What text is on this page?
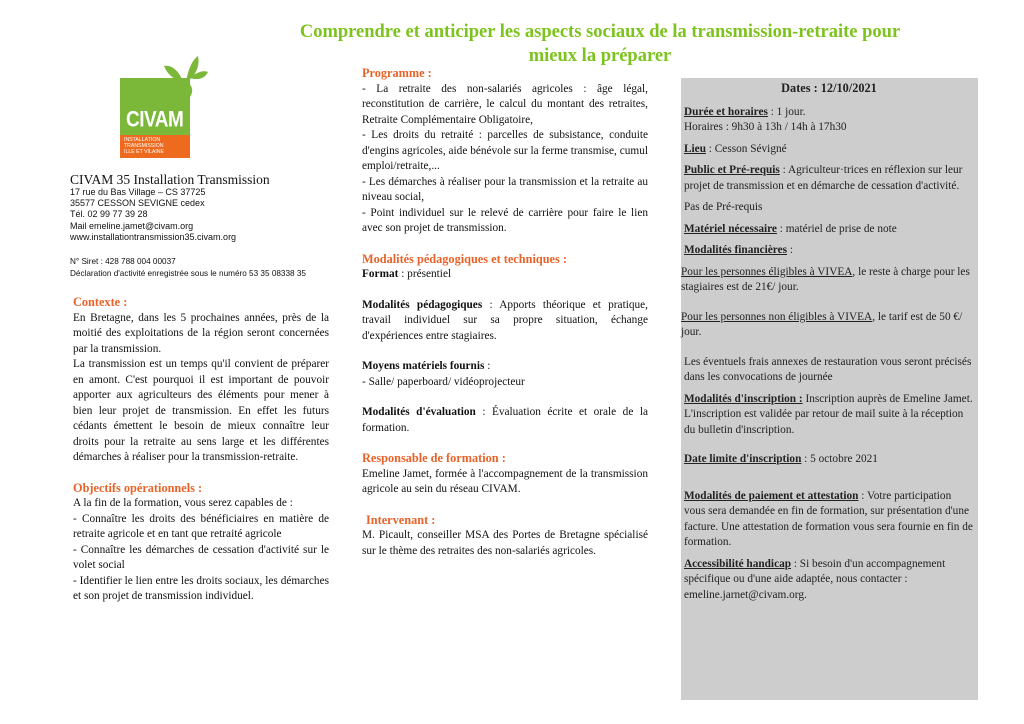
Comprendre et anticiper les aspects sociaux de la transmission-retraite pour
mieux la préparer
CIVAM
INSTALLATION
TRANSMISSION
ILLE ET VILAINE
CIVAM 35 Installation Transmission
17 rue du Bas Village – CS 37725
35577 CESSON SEVIGNE cedex
Tél. 02 99 77 39 28
Mail emeline.jamet@civam.org
www.installationtransmission35.civam.org
N° Siret : 428 788 004 00037
Déclaration d'activité enregistrée sous le numéro 53 35 08338 35
Contexte :

En Bretagne, dans les 5 prochaines années, près de la moitié des exploitations de la région seront concernées par la transmission.

La transmission est un temps qu'il convient de préparer en amont. C'est pourquoi il est important de pouvoir apporter aux agriculteurs des éléments pour mener à bien leur projet de transmission. En effet les futurs cédants émettent le besoin de mieux connaître leur droits pour la retraite au sens large et les différentes démarches à réaliser pour la transmission-retraite.

Objectifs opérationnels :

A la fin de la formation, vous serez capables de :

- Connaître les droits des bénéficiaires en matière de retraite agricole et en tant que retraité agricole

- Connaître les démarches de cessation d'activité sur le volet social

- Identifier le lien entre les droits sociaux, les démarches et son projet de transmission individuel.

Programme :

- La retraite des non-salariés agricoles : âge légal, reconstitution de carrière, le calcul du montant des retraites, Retraite Complémentaire Obligatoire,

- Les droits du retraité : parcelles de subsistance, conduite d'engins agricoles, aide bénévole sur la ferme transmise, cumul emploi/retraite,...

- Les démarches à réaliser pour la transmission et la retraite au niveau social,

- Point individuel sur le relevé de carrière pour faire le lien avec son projet de transmission.

Modalités pédagogiques et techniques :

Format : présentiel

Modalités pédagogiques : Apports théorique et pratique, travail individuel sur sa propre situation, échange d'expériences entre stagiaires.

Moyens matériels fournis :

- Salle/ paperboard/ vidéoprojecteur

Modalités d'évaluation : Évaluation écrite et orale de la formation.

Responsable de formation :

Emeline Jamet, formée à l'accompagnement de la transmission agricole au sein du réseau CIVAM.

Intervenant :

M. Picault, conseiller MSA des Portes de Bretagne spécialisé sur le thème des retraites des non-salariés agricoles.

Dates : 12/10/2021

Durée et horaires : 1 jour.
Horaires : 9h30 à 13h / 14h à 17h30

Lieu : Cesson Sévigné

Public et Pré-requis : Agriculteur·trices en réflexion sur leur projet de transmission et en démarche de cessation d'activité.

Pas de Pré-requis

Matériel nécessaire : matériel de prise de note

Modalités financières :

Pour les personnes éligibles à VIVEA, le reste à charge pour les stagiaires est de 21€/ jour.

Pour les personnes non éligibles à VIVEA, le tarif est de 50 €/ jour.

Les éventuels frais annexes de restauration vous seront précisés dans les convocations de journée

Modalités d'inscription : Inscription auprès de Emeline Jamet. L'inscription est validée par retour de mail suite à la réception du bulletin d'inscription.

Date limite d'inscription : 5 octobre 2021

Modalités de paiement et attestation : Votre participation vous sera demandée en fin de formation, sur présentation d'une facture. Une attestation de formation vous sera fournie en fin de formation.

Accessibilité handicap : Si besoin d'un accompagnement spécifique ou d'une aide adaptée, nous contacter : emeline.jarnet@civam.org.
